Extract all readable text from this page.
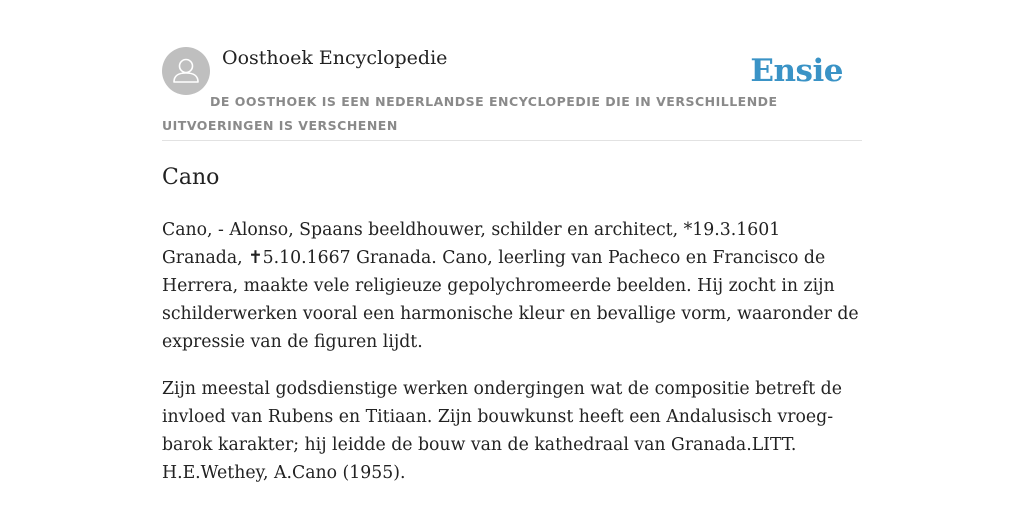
Oosthoek Encyclopedie	Ensie
DE OOSTHOEK IS EEN NEDERLANDSE ENCYCLOPEDIE DIE IN VERSCHILLENDE UITVOERINGEN IS VERSCHENEN
Cano

Cano, - Alonso, Spaans beeldhouwer, schilder en architect, *19.3.1601 Granada, ✝5.10.1667 Granada. Cano, leerling van Pacheco en Francisco de Herrera, maakte vele religieuze gepolychromeerde beelden. Hij zocht in zijn schilderwerken vooral een harmonische kleur en bevallige vorm, waaronder de expressie van de figuren lijdt.

Zijn meestal godsdienstige werken ondergingen wat de compositie betreft de invloed van Rubens en Titiaan. Zijn bouwkunst heeft een Andalusisch vroeg-barok karakter; hij leidde de bouw van de kathedraal van Granada.LITT. H.E.Wethey, A.Cano (1955).
